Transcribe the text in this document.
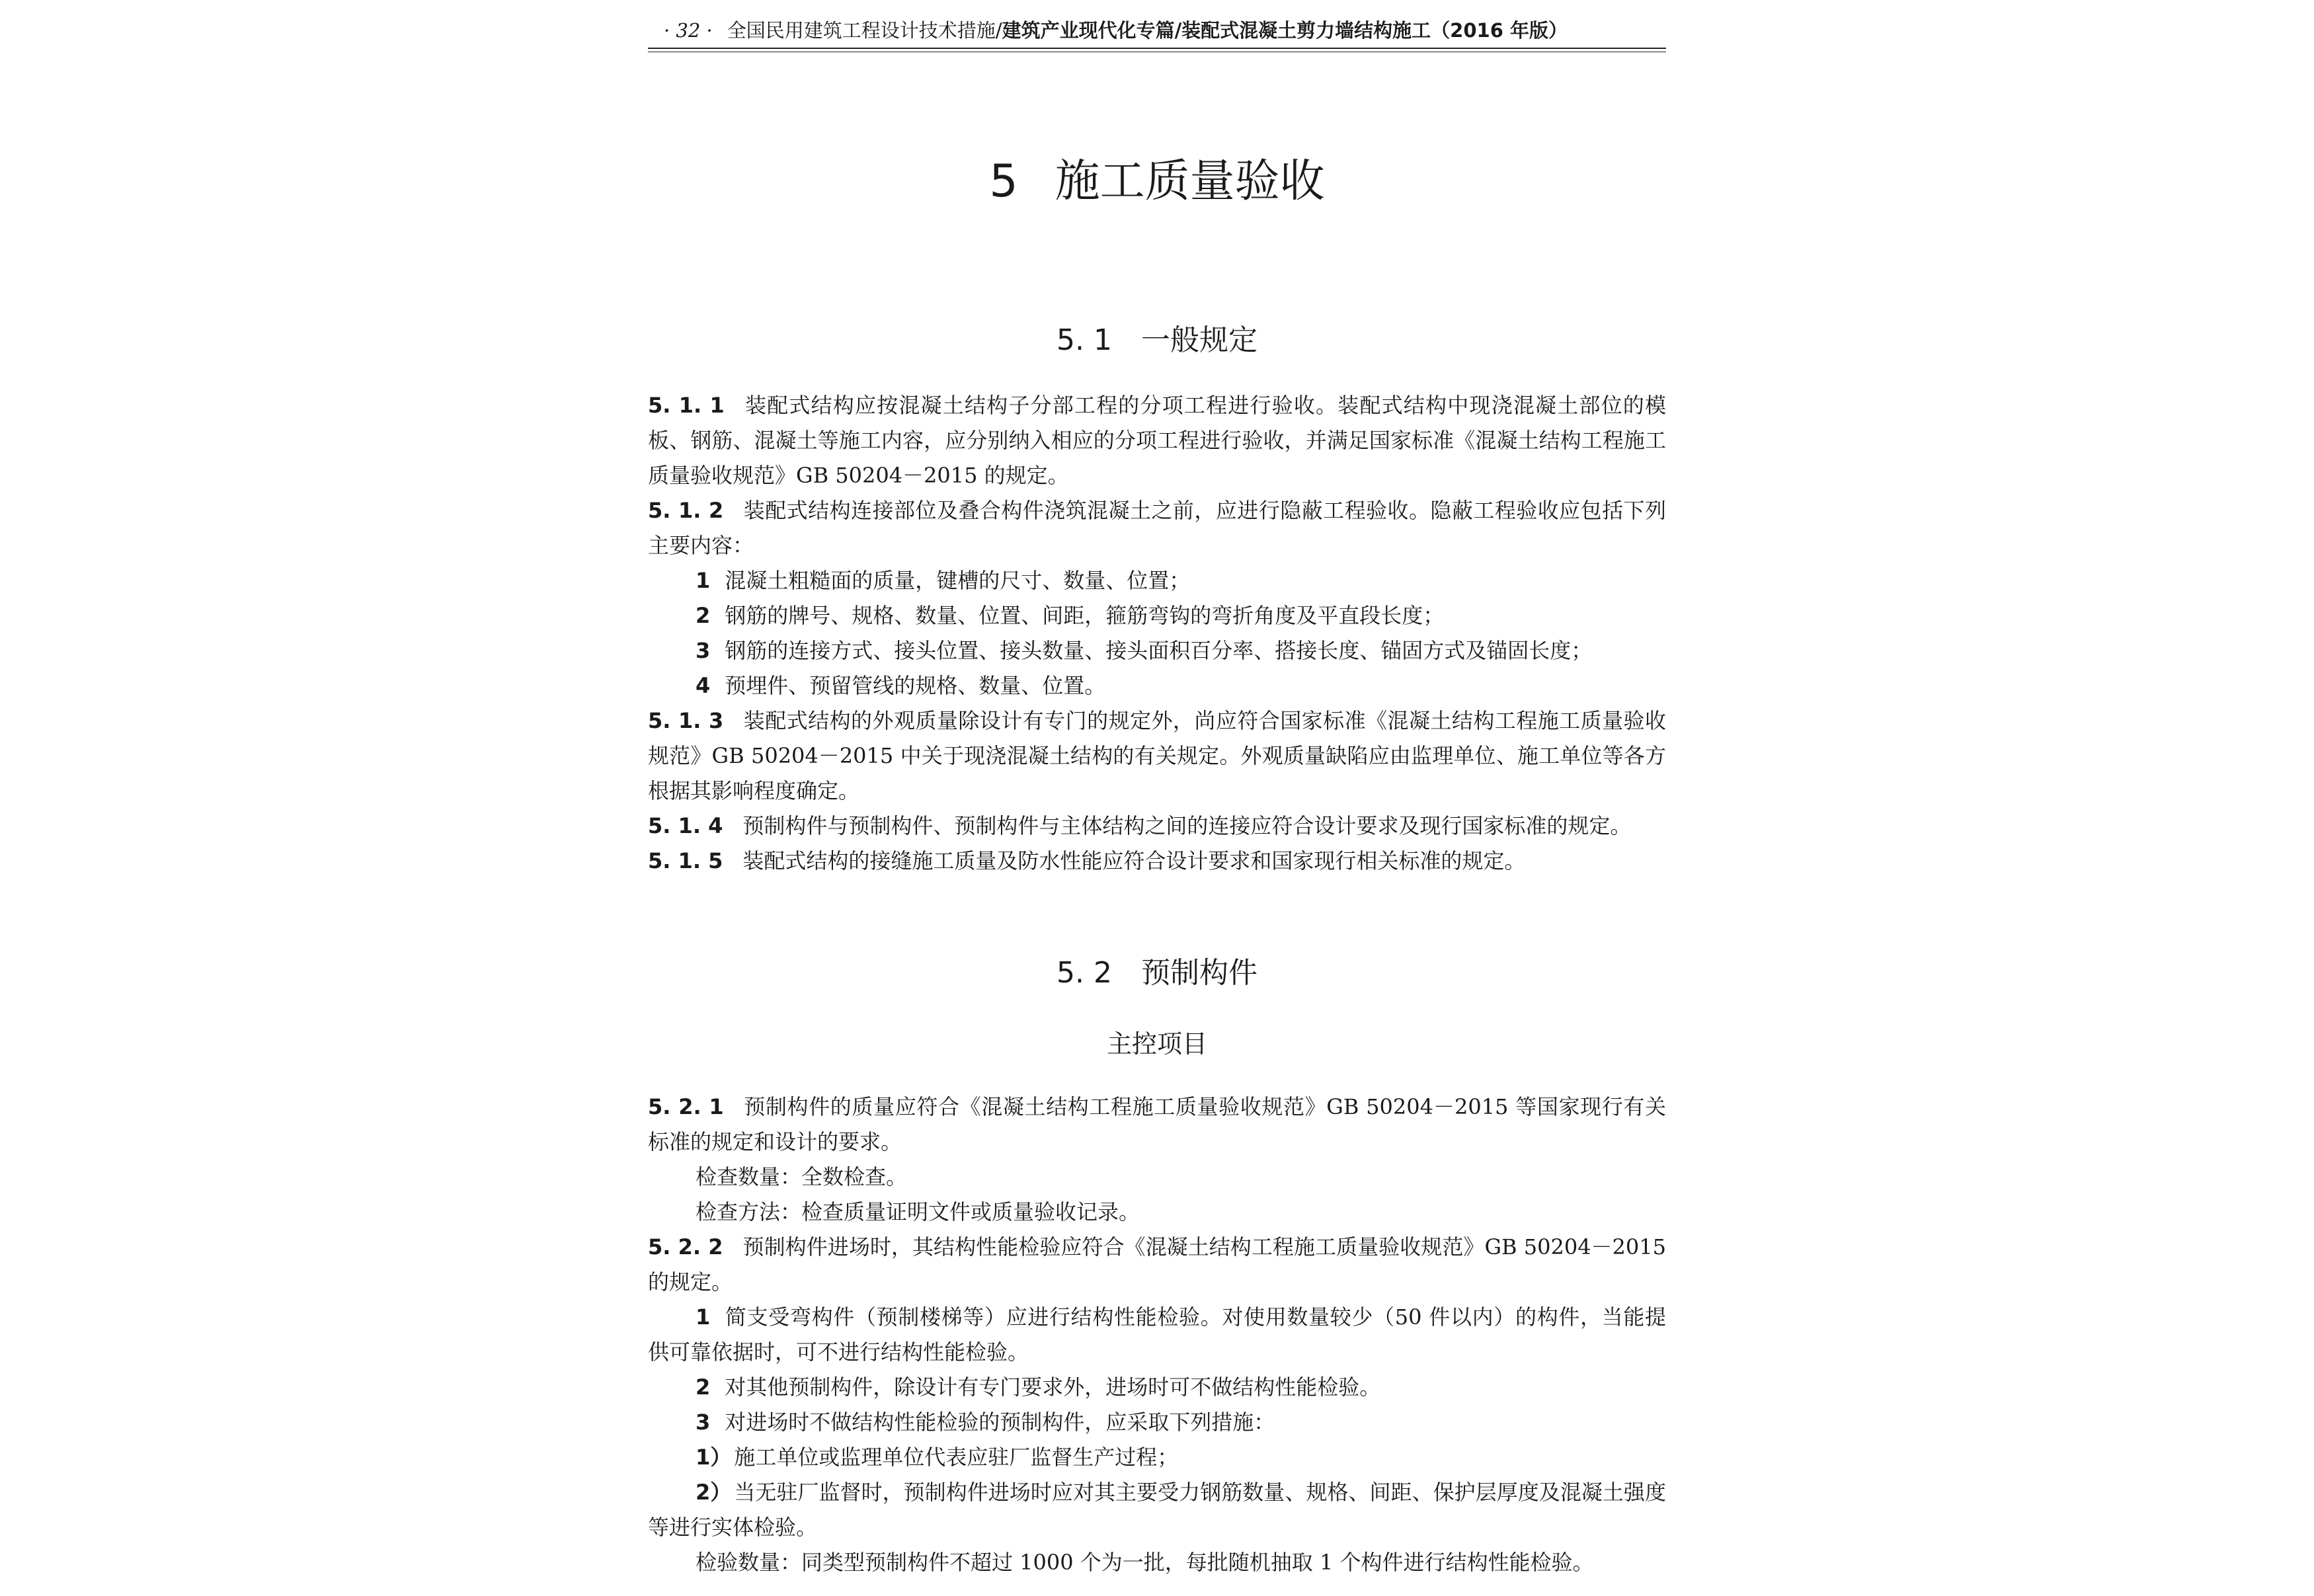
· 32 · 全国民用建筑工程设计技术措施/建筑产业现代化专篇/装配式混凝土剪力墙结构施工（2016 年版）
5 施工质量验收
5. 1 一般规定
5. 1. 1 装配式结构应按混凝土结构子分部工程的分项工程进行验收。装配式结构中现浇混凝土部位的模板、钢筋、混凝土等施工内容，应分别纳入相应的分项工程进行验收，并满足国家标准《混凝土结构工程施工质量验收规范》GB 50204－2015 的规定。
5. 1. 2 装配式结构连接部位及叠合构件浇筑混凝土之前，应进行隐蔽工程验收。隐蔽工程验收应包括下列主要内容：
1 混凝土粗糙面的质量，键槽的尺寸、数量、位置；
2 钢筋的牌号、规格、数量、位置、间距，箍筋弯钩的弯折角度及平直段长度；
3 钢筋的连接方式、接头位置、接头数量、接头面积百分率、搭接长度、锚固方式及锚固长度；
4 预埋件、预留管线的规格、数量、位置。
5. 1. 3 装配式结构的外观质量除设计有专门的规定外，尚应符合国家标准《混凝土结构工程施工质量验收规范》GB 50204－2015 中关于现浇混凝土结构的有关规定。外观质量缺陷应由监理单位、施工单位等各方根据其影响程度确定。
5. 1. 4 预制构件与预制构件、预制构件与主体结构之间的连接应符合设计要求及现行国家标准的规定。
5. 1. 5 装配式结构的接缝施工质量及防水性能应符合设计要求和国家现行相关标准的规定。
5. 2 预制构件
主控项目
5. 2. 1 预制构件的质量应符合《混凝土结构工程施工质量验收规范》GB 50204－2015 等国家现行有关标准的规定和设计的要求。
检查数量：全数检查。
检查方法：检查质量证明文件或质量验收记录。
5. 2. 2 预制构件进场时，其结构性能检验应符合《混凝土结构工程施工质量验收规范》GB 50204－2015 的规定。
1 简支受弯构件（预制楼梯等）应进行结构性能检验。对使用数量较少（50 件以内）的构件，当能提供可靠依据时，可不进行结构性能检验。
2 对其他预制构件，除设计有专门要求外，进场时可不做结构性能检验。
3 对进场时不做结构性能检验的预制构件，应采取下列措施：
1） 施工单位或监理单位代表应驻厂监督生产过程；
2） 当无驻厂监督时，预制构件进场时应对其主要受力钢筋数量、规格、间距、保护层厚度及混凝土强度等进行实体检验。
检验数量：同类型预制构件不超过 1000 个为一批，每批随机抽取 1 个构件进行结构性能检验。
